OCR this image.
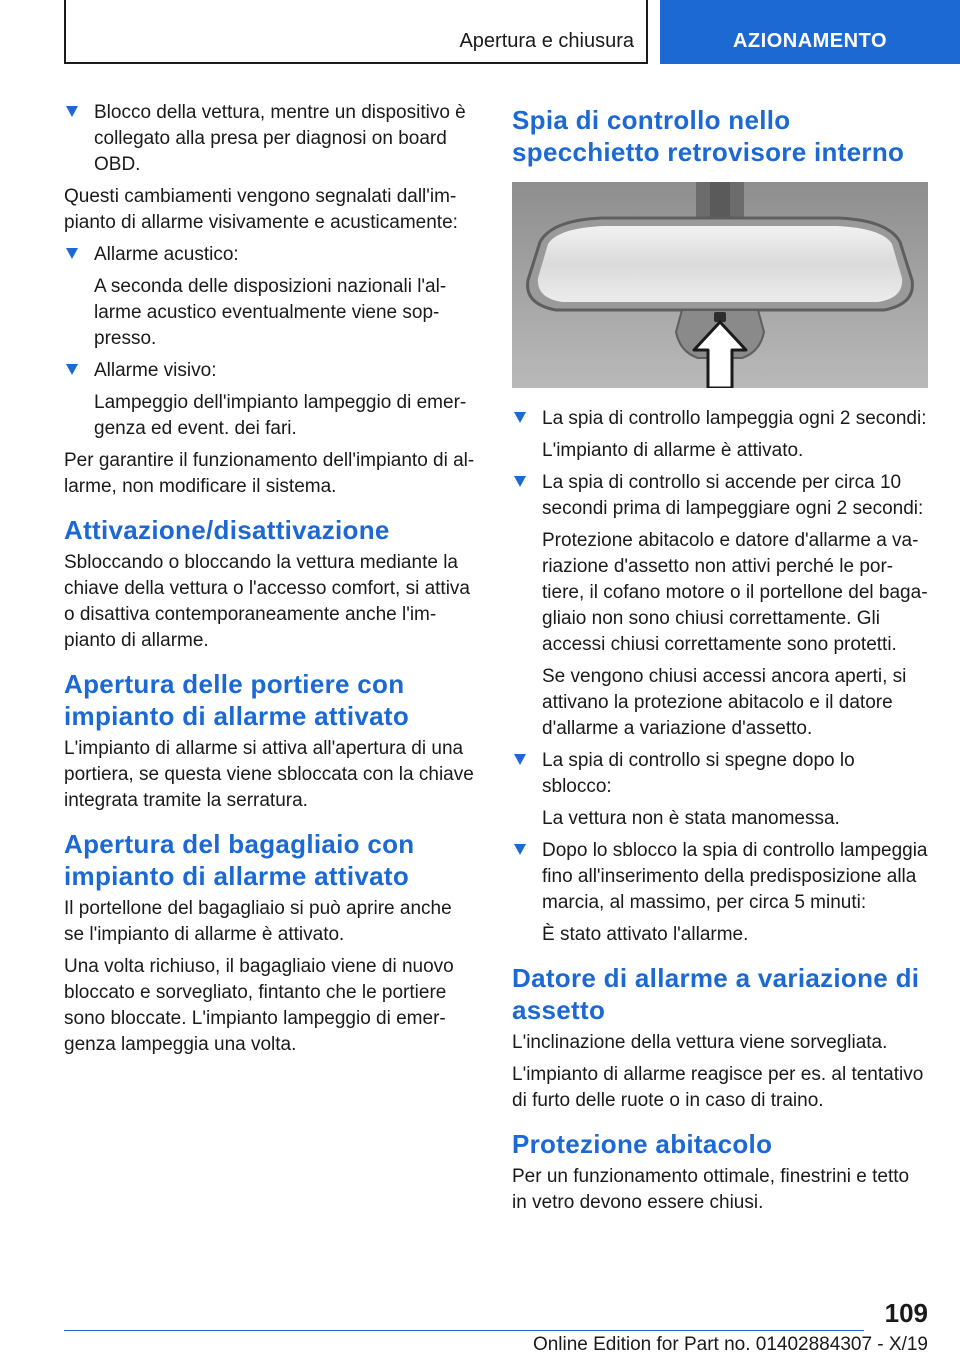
Apertura e chiusura	AZIONAMENTO

Blocco della vettura, mentre un dispositivo è collegato alla presa per diagnosi on board OBD.

Questi cambiamenti vengono segnalati dall'impianto di allarme visivamente e acusticamente:

Allarme acustico:

A seconda delle disposizioni nazionali l'allarme acustico eventualmente viene soppresso.

Allarme visivo:

Lampeggio dell'impianto lampeggio di emergenza ed event. dei fari.

Per garantire il funzionamento dell'impianto di allarme, non modificare il sistema.

Attivazione/disattivazione

Sbloccando o bloccando la vettura mediante la chiave della vettura o l'accesso comfort, si attiva o disattiva contemporaneamente anche l'impianto di allarme.

Apertura delle portiere con impianto di allarme attivato

L'impianto di allarme si attiva all'apertura di una portiera, se questa viene sbloccata con la chiave integrata tramite la serratura.

Apertura del bagagliaio con impianto di allarme attivato

Il portellone del bagagliaio si può aprire anche se l'impianto di allarme è attivato.

Una volta richiuso, il bagagliaio viene di nuovo bloccato e sorvegliato, fintanto che le portiere sono bloccate. L'impianto lampeggio di emergenza lampeggia una volta.

Spia di controllo nello specchietto retrovisore interno

La spia di controllo lampeggia ogni 2 secondi:

L'impianto di allarme è attivato.

La spia di controllo si accende per circa 10 secondi prima di lampeggiare ogni 2 secondi:

Protezione abitacolo e datore d'allarme a variazione d'assetto non attivi perché le portiere, il cofano motore o il portellone del bagagliaio non sono chiusi correttamente. Gli accessi chiusi correttamente sono protetti.

Se vengono chiusi accessi ancora aperti, si attivano la protezione abitacolo e il datore d'allarme a variazione d'assetto.

La spia di controllo si spegne dopo lo sblocco:

La vettura non è stata manomessa.

Dopo lo sblocco la spia di controllo lampeggia fino all'inserimento della predisposizione alla marcia, al massimo, per circa 5 minuti:

È stato attivato l'allarme.

Datore di allarme a variazione di assetto

L'inclinazione della vettura viene sorvegliata.

L'impianto di allarme reagisce per es. al tentativo di furto delle ruote o in caso di traino.

Protezione abitacolo

Per un funzionamento ottimale, finestrini e tetto in vetro devono essere chiusi.

109
Online Edition for Part no. 01402884307 - X/19
